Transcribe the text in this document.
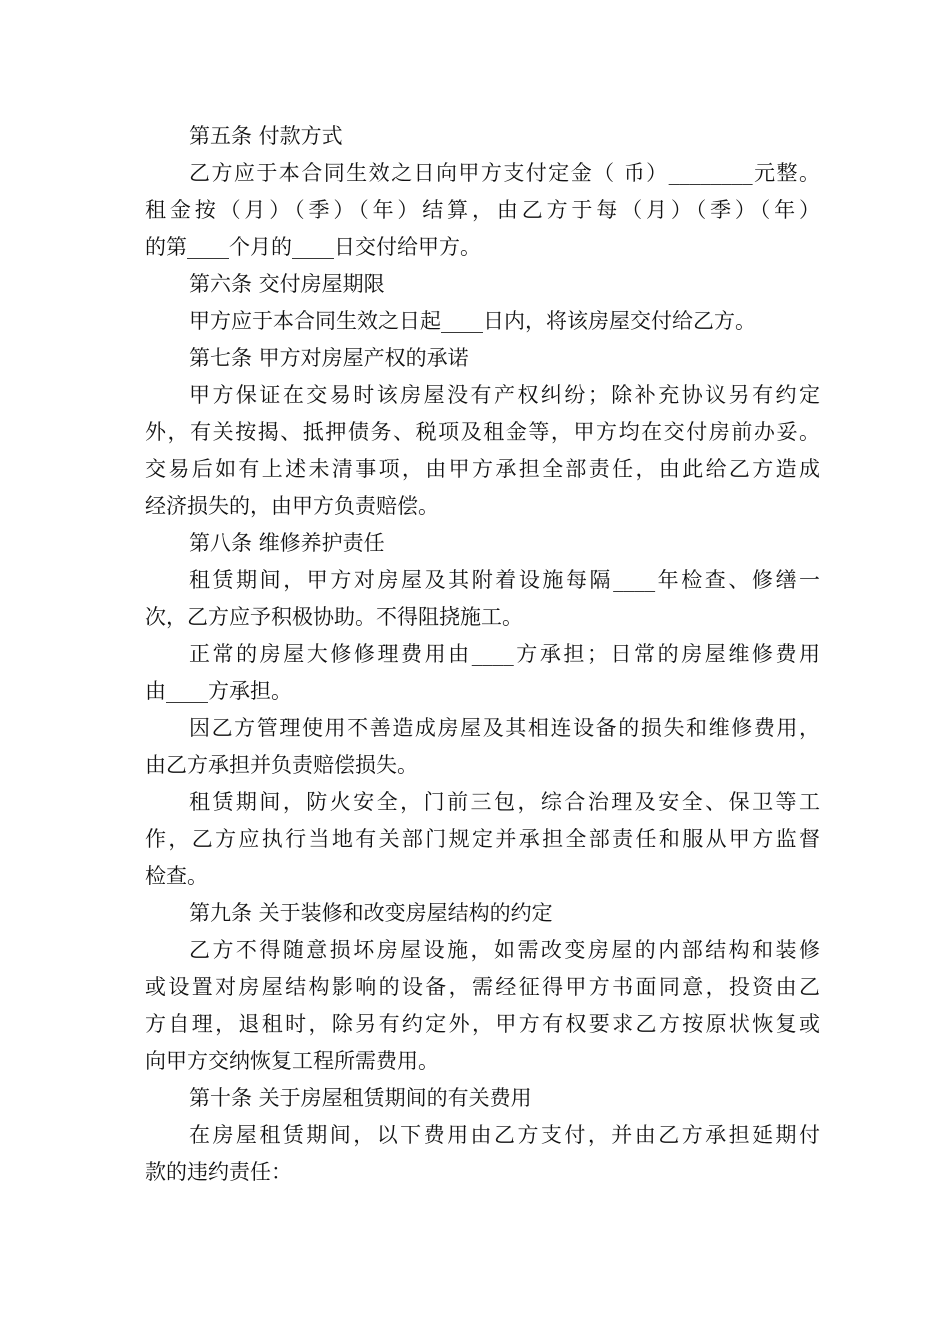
第五条 付款方式
乙方应于本合同生效之日向甲方支付定金（ 币）________元整。
租金按（月）（季）（年）结算，由乙方于每（月）（季）（年）
的第____个月的____日交付给甲方。
第六条 交付房屋期限
甲方应于本合同生效之日起____日内，将该房屋交付给乙方。
第七条 甲方对房屋产权的承诺
甲方保证在交易时该房屋没有产权纠纷；除补充协议另有约定
外，有关按揭、抵押债务、税项及租金等，甲方均在交付房前办妥。
交易后如有上述未清事项，由甲方承担全部责任，由此给乙方造成
经济损失的，由甲方负责赔偿。
第八条 维修养护责任
租赁期间，甲方对房屋及其附着设施每隔____年检查、修缮一
次，乙方应予积极协助。不得阻挠施工。
正常的房屋大修修理费用由____方承担；日常的房屋维修费用
由____方承担。
因乙方管理使用不善造成房屋及其相连设备的损失和维修费用，
由乙方承担并负责赔偿损失。
租赁期间，防火安全，门前三包，综合治理及安全、保卫等工
作，乙方应执行当地有关部门规定并承担全部责任和服从甲方监督
检查。
第九条 关于装修和改变房屋结构的约定
乙方不得随意损坏房屋设施，如需改变房屋的内部结构和装修
或设置对房屋结构影响的设备，需经征得甲方书面同意，投资由乙
方自理，退租时，除另有约定外，甲方有权要求乙方按原状恢复或
向甲方交纳恢复工程所需费用。
第十条 关于房屋租赁期间的有关费用
在房屋租赁期间，以下费用由乙方支付，并由乙方承担延期付
款的违约责任：
